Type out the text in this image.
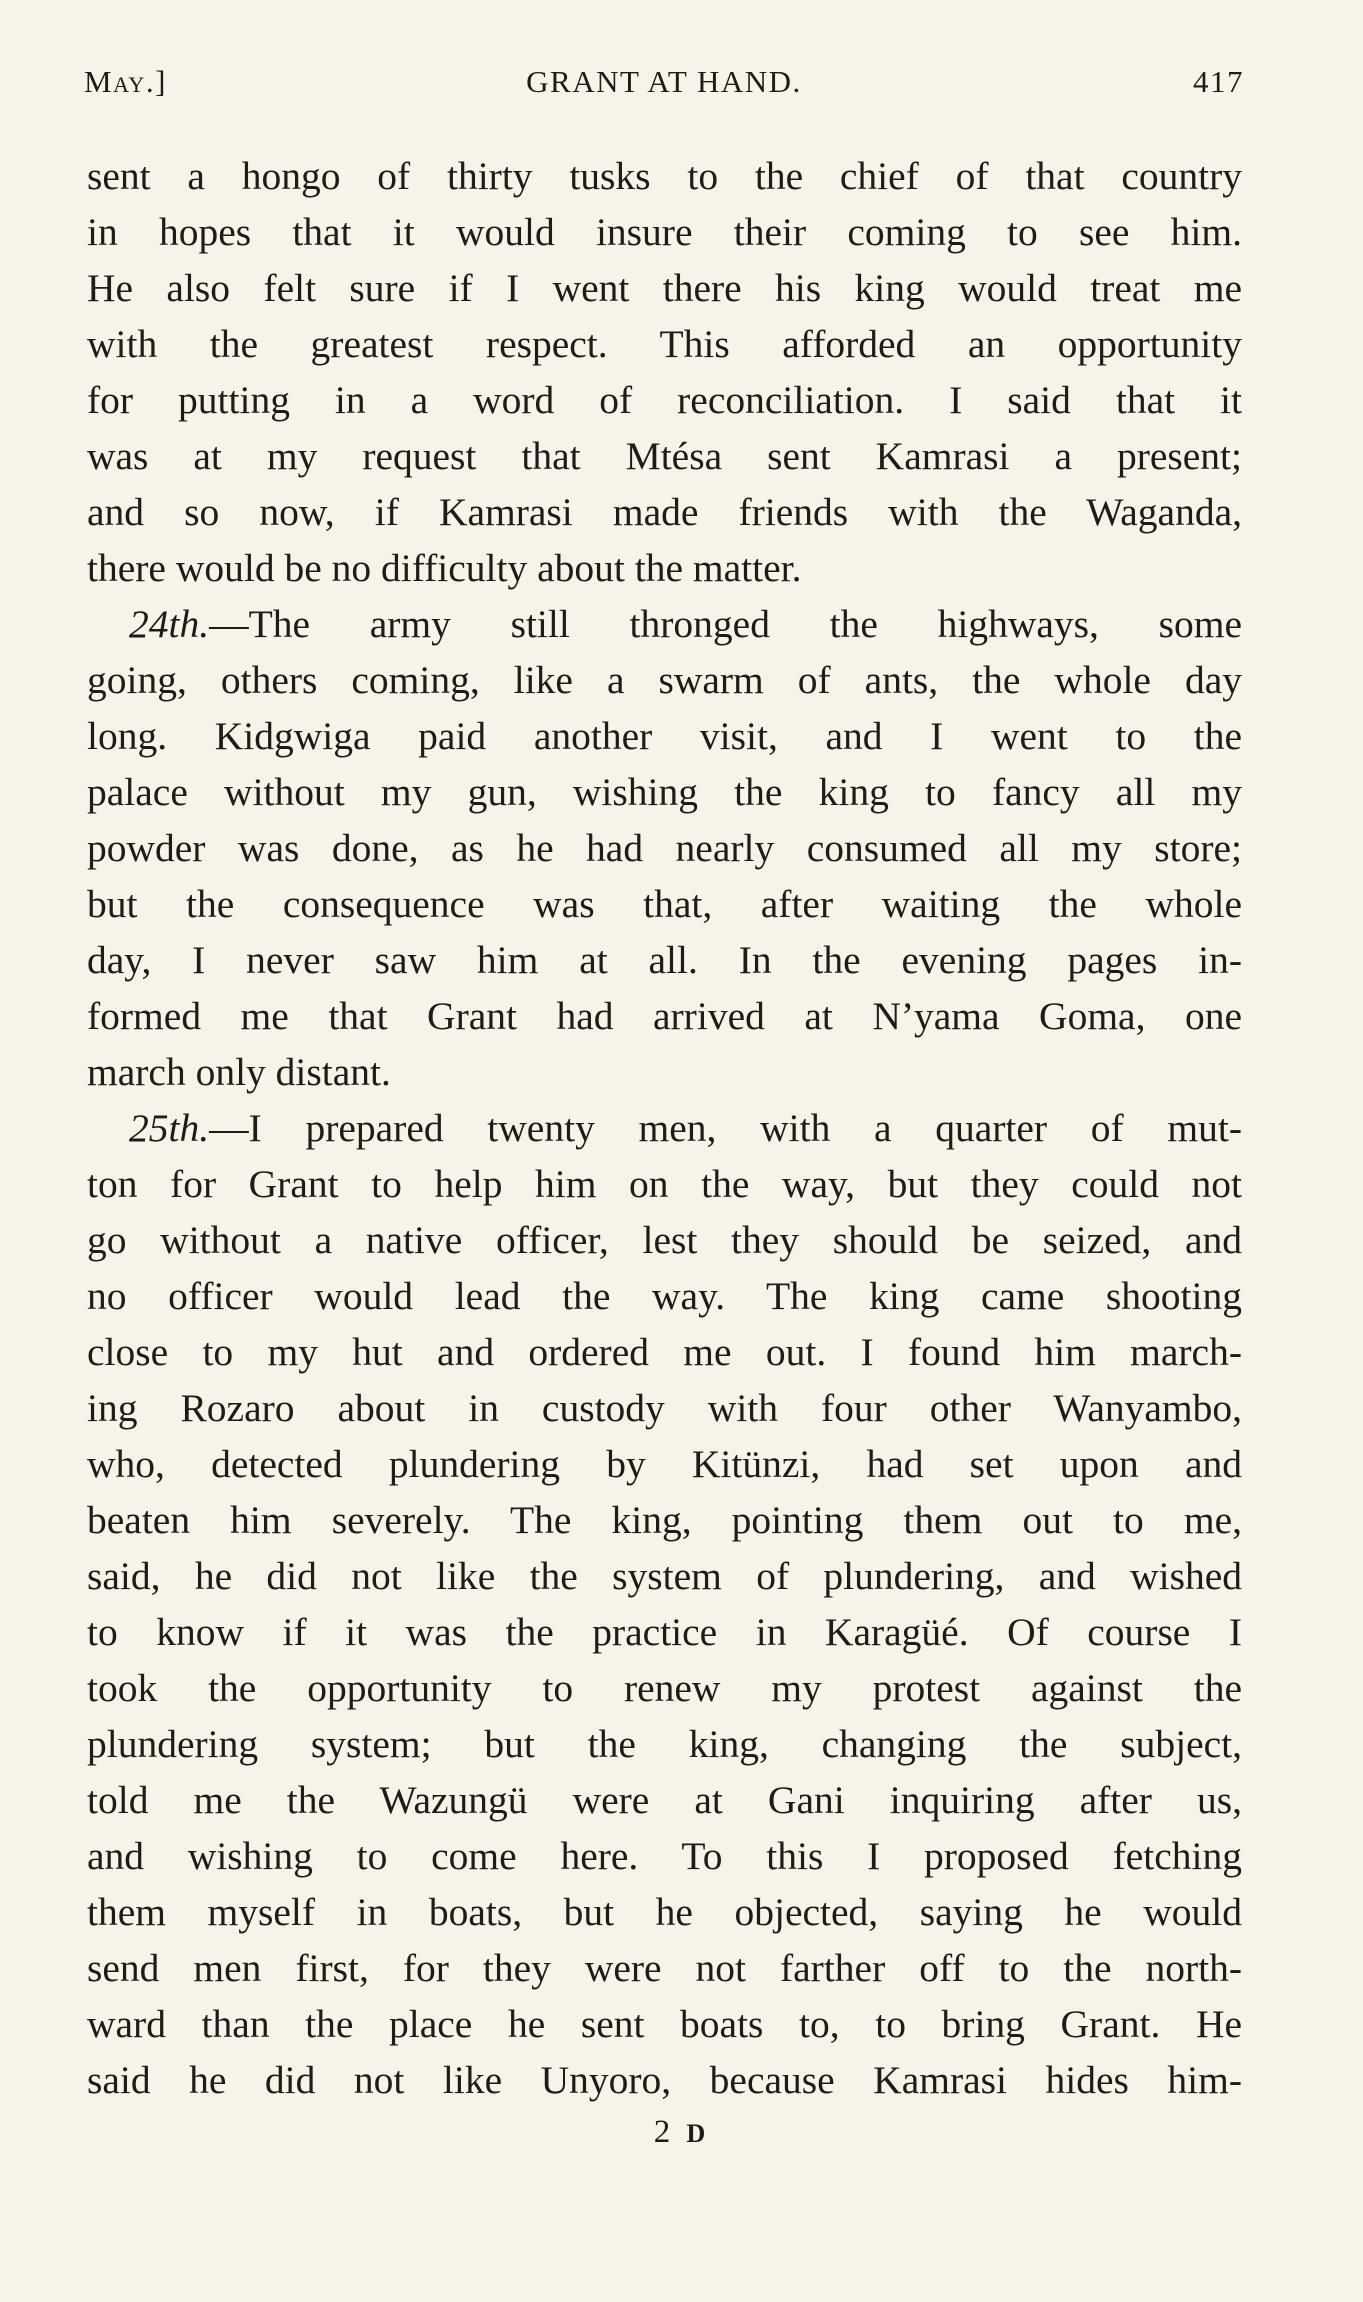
May.]	GRANT AT HAND.	417
sent a hongo of thirty tusks to the chief of that country
in hopes that it would insure their coming to see him.
He also felt sure if I went there his king would treat me
with the greatest respect. This afforded an opportunity
for putting in a word of reconciliation. I said that it
was at my request that Mtésa sent Kamrasi a present;
and so now, if Kamrasi made friends with the Waganda,
there would be no difficulty about the matter.
24th.—The army still thronged the highways, some
going, others coming, like a swarm of ants, the whole day
long. Kidgwiga paid another visit, and I went to the
palace without my gun, wishing the king to fancy all my
powder was done, as he had nearly consumed all my store;
but the consequence was that, after waiting the whole
day, I never saw him at all. In the evening pages in-
formed me that Grant had arrived at N’yama Goma, one
march only distant.
25th.—I prepared twenty men, with a quarter of mut-
ton for Grant to help him on the way, but they could not
go without a native officer, lest they should be seized, and
no officer would lead the way. The king came shooting
close to my hut and ordered me out. I found him march-
ing Rozaro about in custody with four other Wanyambo,
who, detected plundering by Kitünzi, had set upon and
beaten him severely. The king, pointing them out to me,
said, he did not like the system of plundering, and wished
to know if it was the practice in Karagüé. Of course I
took the opportunity to renew my protest against the
plundering system; but the king, changing the subject,
told me the Wazungü were at Gani inquiring after us,
and wishing to come here. To this I proposed fetching
them myself in boats, but he objected, saying he would
send men first, for they were not farther off to the north-
ward than the place he sent boats to, to bring Grant. He
said he did not like Unyoro, because Kamrasi hides him-
2 D
